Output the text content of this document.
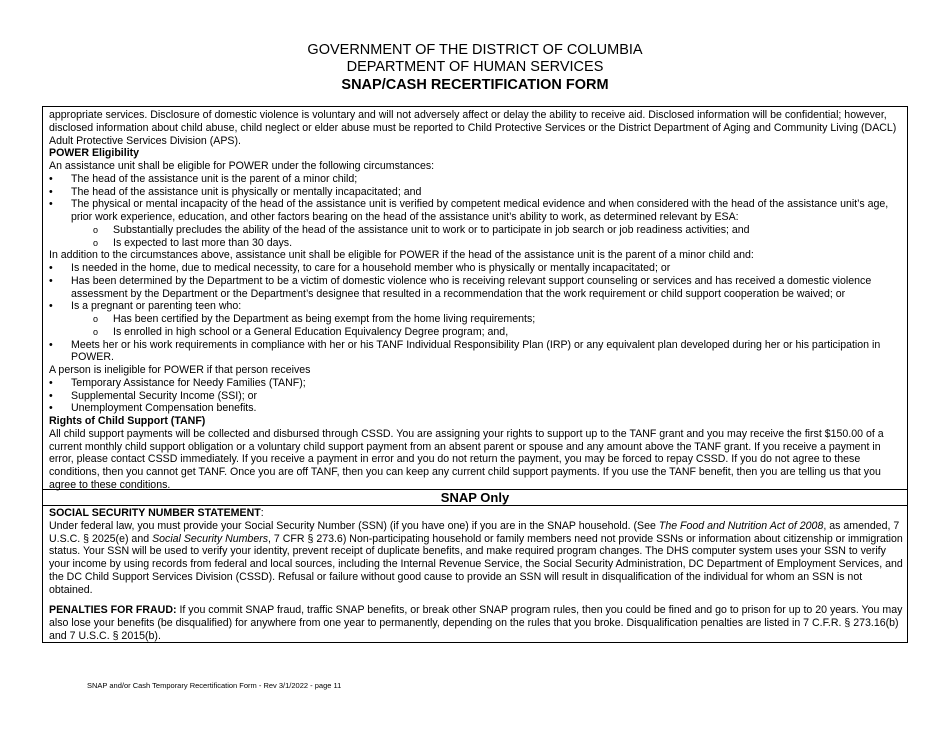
GOVERNMENT OF THE DISTRICT OF COLUMBIA
DEPARTMENT OF HUMAN SERVICES
SNAP/CASH RECERTIFICATION FORM

appropriate services. Disclosure of domestic violence is voluntary and will not adversely affect or delay the ability to receive aid. Disclosed information will be confidential; however, disclosed information about child abuse, child neglect or elder abuse must be reported to Child Protective Services or the District Department of Aging and Community Living (DACL) Adult Protective Services Division (APS).

POWER Eligibility

An assistance unit shall be eligible for POWER under the following circumstances:

• The head of the assistance unit is the parent of a minor child;
• The head of the assistance unit is physically or mentally incapacitated; and
• The physical or mental incapacity of the head of the assistance unit is verified by competent medical evidence and when considered with the head of the assistance unit’s age, prior work experience, education, and other factors bearing on the head of the assistance unit’s ability to work, as determined relevant by ESA:
o Substantially precludes the ability of the head of the assistance unit to work or to participate in job search or job readiness activities; and
o Is expected to last more than 30 days.

In addition to the circumstances above, assistance unit shall be eligible for POWER if the head of the assistance unit is the parent of a minor child and:

• Is needed in the home, due to medical necessity, to care for a household member who is physically or mentally incapacitated; or
• Has been determined by the Department to be a victim of domestic violence who is receiving relevant support counseling or services and has received a domestic violence assessment by the Department or the Department’s designee that resulted in a recommendation that the work requirement or child support cooperation be waived; or
• Is a pregnant or parenting teen who:
o Has been certified by the Department as being exempt from the home living requirements;
o Is enrolled in high school or a General Education Equivalency Degree program; and,
• Meets her or his work requirements in compliance with her or his TANF Individual Responsibility Plan (IRP) or any equivalent plan developed during her or his participation in POWER.

A person is ineligible for POWER if that person receives

• Temporary Assistance for Needy Families (TANF);
• Supplemental Security Income (SSI); or
• Unemployment Compensation benefits.

Rights of Child Support (TANF)

All child support payments will be collected and disbursed through CSSD. You are assigning your rights to support up to the TANF grant and you may receive the first $150.00 of a current monthly child support obligation or a voluntary child support payment from an absent parent or spouse and any amount above the TANF grant. If you receive a payment in error, please contact CSSD immediately. If you receive a payment in error and you do not return the payment, you may be forced to repay CSSD. If you do not agree to these conditions, then you cannot get TANF. Once you are off TANF, then you can keep any current child support payments. If you use the TANF benefit, then you are telling us that you agree to these conditions.

SNAP Only

SOCIAL SECURITY NUMBER STATEMENT:

Under federal law, you must provide your Social Security Number (SSN) (if you have one) if you are in the SNAP household. (See The Food and Nutrition Act of 2008, as amended, 7 U.S.C. § 2025(e) and Social Security Numbers, 7 CFR § 273.6) Non-participating household or family members need not provide SSNs or information about citizenship or immigration status. Your SSN will be used to verify your identity, prevent receipt of duplicate benefits, and make required program changes. The DHS computer system uses your SSN to verify your income by using records from federal and local sources, including the Internal Revenue Service, the Social Security Administration, DC Department of Employment Services, and the DC Child Support Services Division (CSSD). Refusal or failure without good cause to provide an SSN will result in disqualification of the individual for whom an SSN is not obtained.

PENALTIES FOR FRAUD: If you commit SNAP fraud, traffic SNAP benefits, or break other SNAP program rules, then you could be fined and go to prison for up to 20 years. You may also lose your benefits (be disqualified) for anywhere from one year to permanently, depending on the rules that you broke. Disqualification penalties are listed in 7 C.F.R. § 273.16(b) and 7 U.S.C. § 2015(b).

SNAP and/or Cash Temporary Recertification Form - Rev 3/1/2022 - page 11
